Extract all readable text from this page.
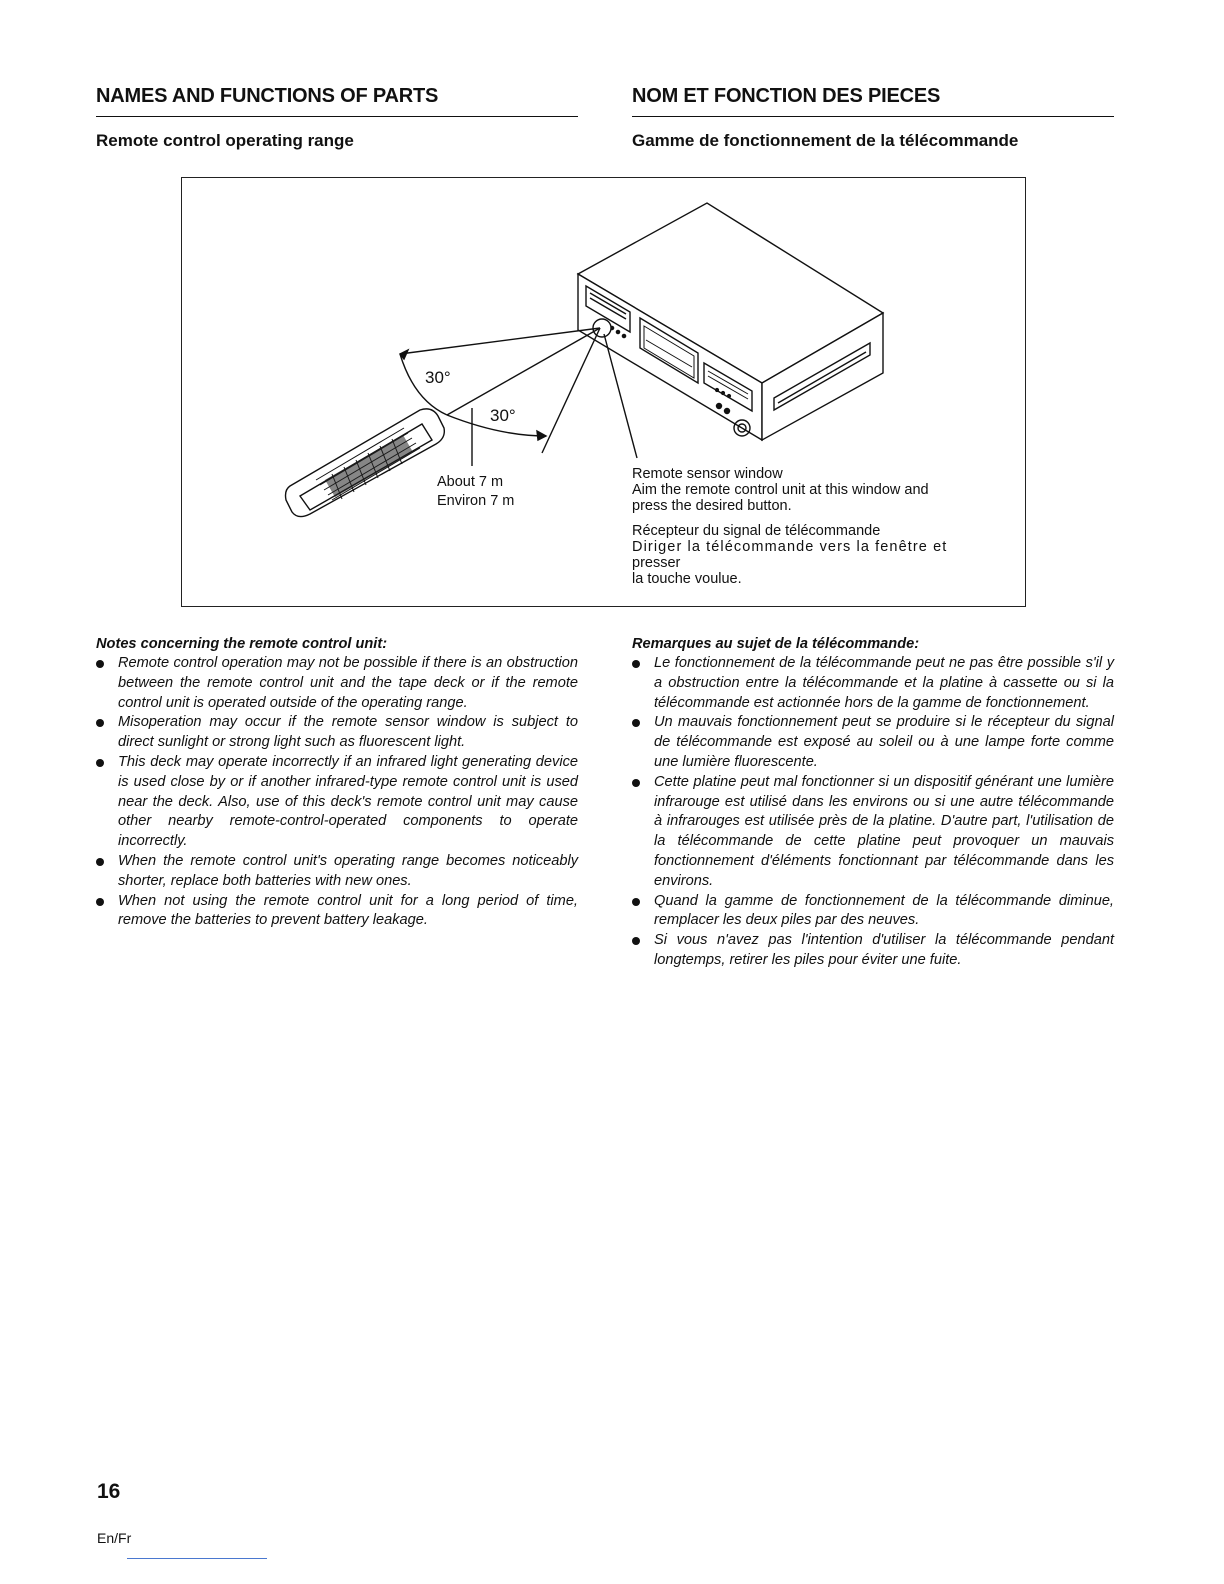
NAMES AND FUNCTIONS OF PARTS
Remote control operating range
NOM ET FONCTION DES PIECES
Gamme de fonctionnement de la télécommande
30°
30°
About 7 m
Environ 7 m
Remote sensor window
Aim the remote control unit at this window and
press the desired button.
Récepteur du signal de télécommande
Diriger la télécommande vers la fenêtre et
presser
la touche voulue.
Notes concerning the remote control unit:
Remote control operation may not be possible if there is an obstruction between the remote control unit and the tape deck or if the remote control unit is operated outside of the operating range.
Misoperation may occur if the remote sensor window is subject to direct sunlight or strong light such as fluorescent light.
This deck may operate incorrectly if an infrared light generating device is used close by or if another infrared-type remote control unit is used near the deck. Also, use of this deck's remote control unit may cause other nearby remote-control-operated components to operate incorrectly.
When the remote control unit's operating range becomes noticeably shorter, replace both batteries with new ones.
When not using the remote control unit for a long period of time, remove the batteries to prevent battery leakage.
Remarques au sujet de la télécommande:
Le fonctionnement de la télécommande peut ne pas être possible s'il y a obstruction entre la télécommande et la platine à cassette ou si la télécommande est actionnée hors de la gamme de fonctionnement.
Un mauvais fonctionnement peut se produire si le récepteur du signal de télécommande est exposé au soleil ou à une lampe forte comme une lumière fluorescente.
Cette platine peut mal fonctionner si un dispositif générant une lumière infrarouge est utilisé dans les environs ou si une autre télécommande à infrarouges est utilisée près de la platine. D'autre part, l'utilisation de la télécommande de cette platine peut provoquer un mauvais fonctionnement d'éléments fonctionnant par télécommande dans les environs.
Quand la gamme de fonctionnement de la télécommande diminue, remplacer les deux piles par des neuves.
Si vous n'avez pas l'intention d'utiliser la télécommande pendant longtemps, retirer les piles pour éviter une fuite.
16
En/Fr
